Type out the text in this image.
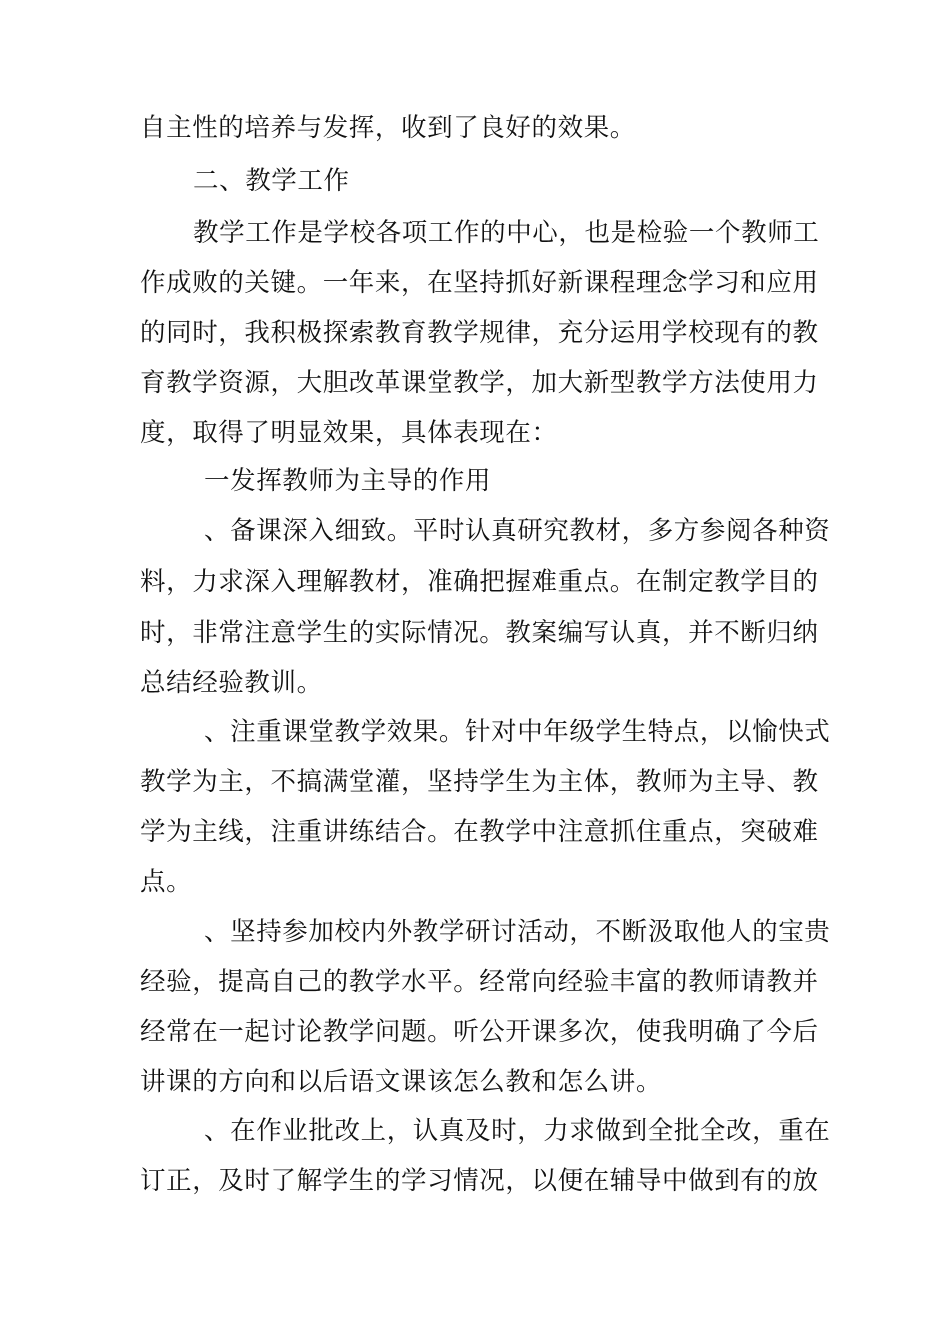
自主性的培养与发挥，收到了良好的效果。
二、教学工作
教学工作是学校各项工作的中心，也是检验一个教师工
作成败的关键。一年来，在坚持抓好新课程理念学习和应用
的同时，我积极探索教育教学规律，充分运用学校现有的教
育教学资源，大胆改革课堂教学，加大新型教学方法使用力
度，取得了明显效果，具体表现在：
一发挥教师为主导的作用
、备课深入细致。平时认真研究教材，多方参阅各种资
料，力求深入理解教材，准确把握难重点。在制定教学目的
时，非常注意学生的实际情况。教案编写认真，并不断归纳
总结经验教训。
、注重课堂教学效果。针对中年级学生特点，以愉快式
教学为主，不搞满堂灌，坚持学生为主体，教师为主导、教
学为主线，注重讲练结合。在教学中注意抓住重点，突破难
点。
、坚持参加校内外教学研讨活动，不断汲取他人的宝贵
经验，提高自己的教学水平。经常向经验丰富的教师请教并
经常在一起讨论教学问题。听公开课多次，使我明确了今后
讲课的方向和以后语文课该怎么教和怎么讲。
、在作业批改上，认真及时，力求做到全批全改，重在
订正，及时了解学生的学习情况，以便在辅导中做到有的放
